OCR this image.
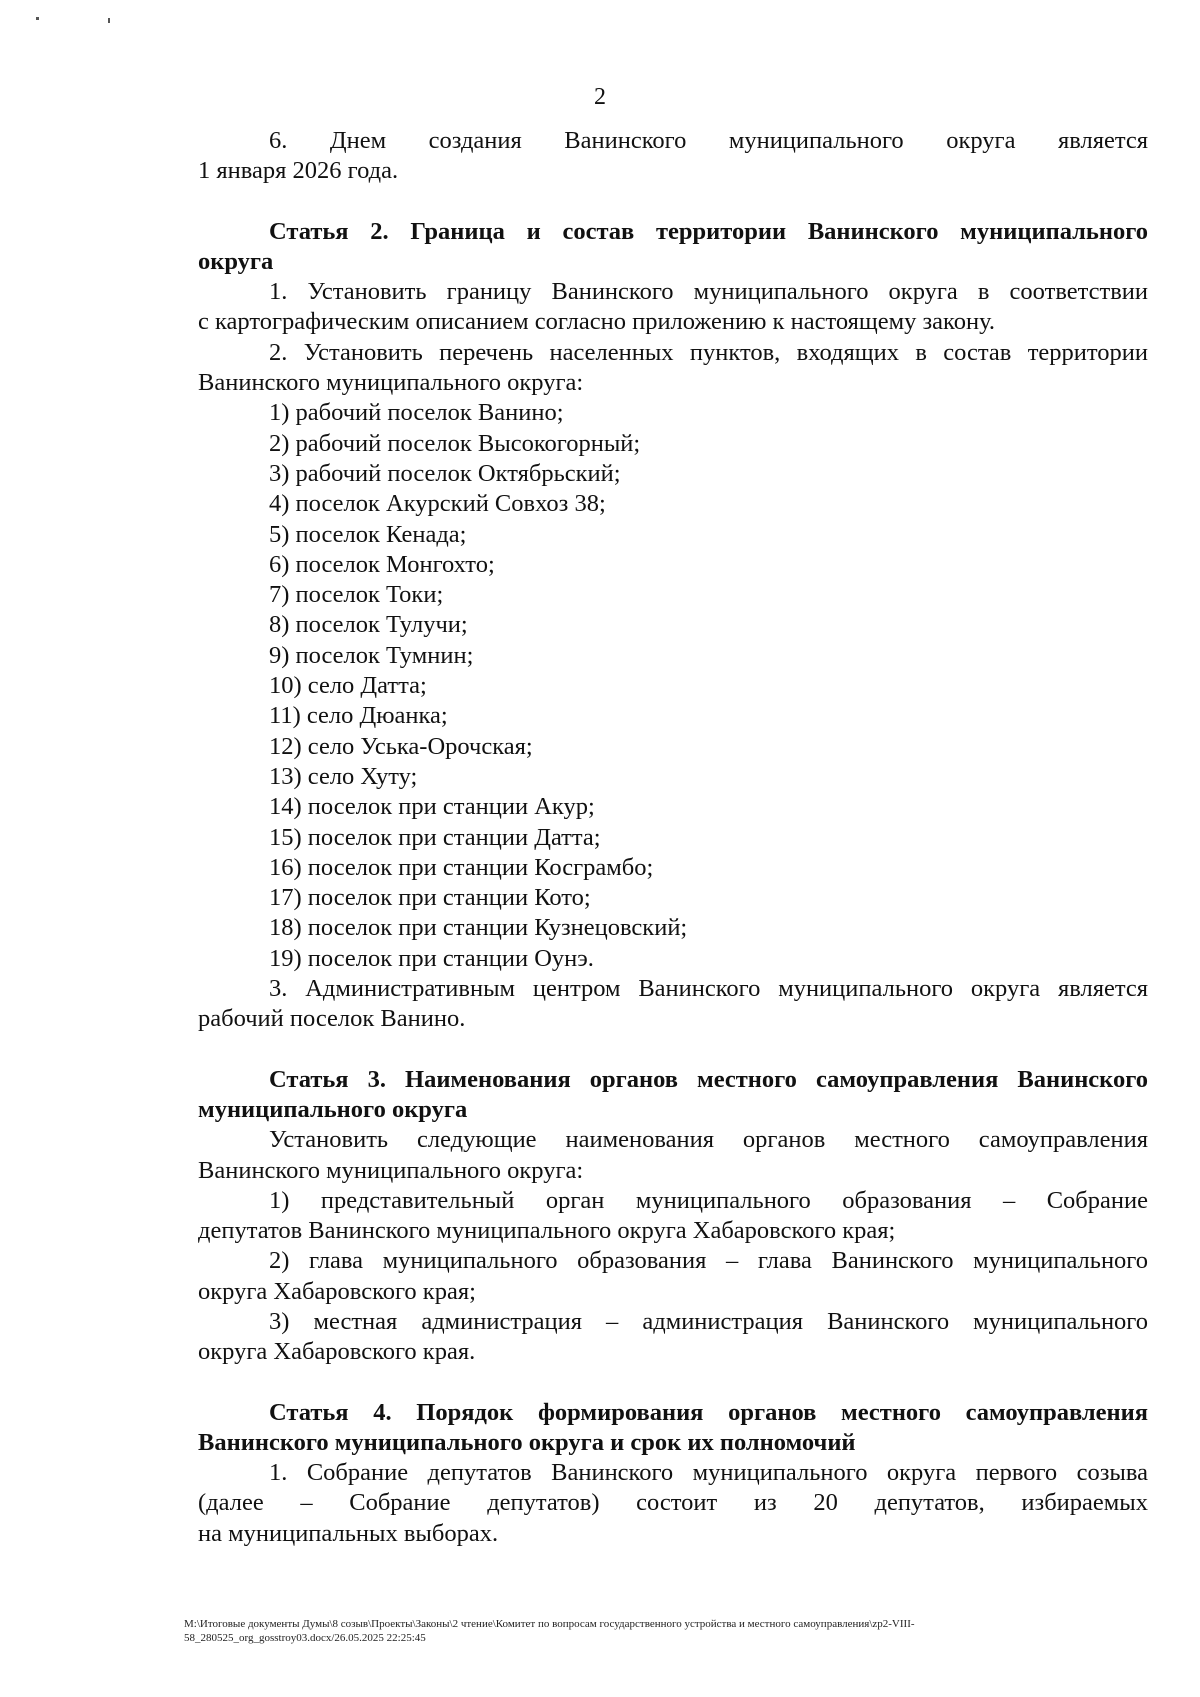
2

6. Днем создания Ванинского муниципального округа является

1 января 2026 года.

Статья 2. Граница и состав территории Ванинского муниципального

округа

1. Установить границу Ванинского муниципального округа в соответствии

с картографическим описанием согласно приложению к настоящему закону.

2. Установить перечень населенных пунктов, входящих в состав территории

Ванинского муниципального округа:

1) рабочий поселок Ванино;

2) рабочий поселок Высокогорный;

3) рабочий поселок Октябрьский;

4) поселок Акурский Совхоз 38;

5) поселок Кенада;

6) поселок Монгохто;

7) поселок Токи;

8) поселок Тулучи;

9) поселок Тумнин;

10) село Датта;

11) село Дюанка;

12) село Уська-Орочская;

13) село Хуту;

14) поселок при станции Акур;

15) поселок при станции Датта;

16) поселок при станции Косграмбо;

17) поселок при станции Кото;

18) поселок при станции Кузнецовский;

19) поселок при станции Оунэ.

3. Административным центром Ванинского муниципального округа является

рабочий поселок Ванино.

Статья 3. Наименования органов местного самоуправления Ванинского

муниципального округа

Установить следующие наименования органов местного самоуправления

Ванинского муниципального округа:

1) представительный орган муниципального образования – Собрание

депутатов Ванинского муниципального округа Хабаровского края;

2) глава муниципального образования – глава Ванинского муниципального

округа Хабаровского края;

3) местная администрация – администрация Ванинского муниципального

округа Хабаровского края.

Статья 4. Порядок формирования органов местного самоуправления

Ванинского муниципального округа и срок их полномочий

1. Собрание депутатов Ванинского муниципального округа первого созыва

(далее – Собрание депутатов) состоит из 20 депутатов, избираемых

на муниципальных выборах.

M:\Итоговые документы Думы\8 созыв\Проекты\Законы\2 чтение\Комитет по вопросам государственного устройства и местного самоуправления\zp2-VIII-
58_280525_org_gosstroy03.docx/26.05.2025 22:25:45
